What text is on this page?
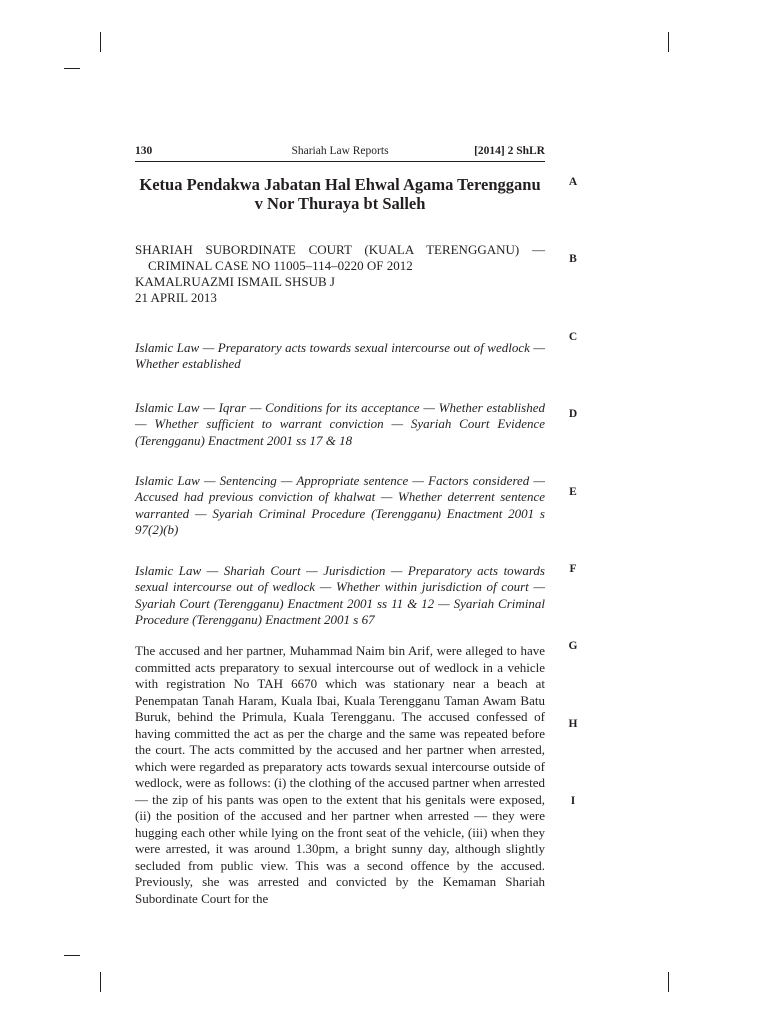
Shariah Law Reports
130	[2014] 2 ShLR
Ketua Pendakwa Jabatan Hal Ehwal Agama Terengganu v Nor Thuraya bt Salleh
SHARIAH SUBORDINATE COURT (KUALA TERENGGANU) —
CRIMINAL CASE NO 11005–114–0220 OF 2012
KAMALRUAZMI ISMAIL SHSUB J
21 APRIL 2013

Islamic Law — Preparatory acts towards sexual intercourse out of wedlock — Whether established

Islamic Law — Iqrar — Conditions for its acceptance — Whether established — Whether sufficient to warrant conviction — Syariah Court Evidence (Terengganu) Enactment 2001 ss 17 & 18

Islamic Law — Sentencing — Appropriate sentence — Factors considered — Accused had previous conviction of khalwat — Whether deterrent sentence warranted — Syariah Criminal Procedure (Terengganu) Enactment 2001 s 97(2)(b)

Islamic Law — Shariah Court — Jurisdiction — Preparatory acts towards sexual intercourse out of wedlock — Whether within jurisdiction of court — Syariah Court (Terengganu) Enactment 2001 ss 11 & 12 — Syariah Criminal Procedure (Terengganu) Enactment 2001 s 67

The accused and her partner, Muhammad Naim bin Arif, were alleged to have committed acts preparatory to sexual intercourse out of wedlock in a vehicle with registration No TAH 6670 which was stationary near a beach at Penempatan Tanah Haram, Kuala Ibai, Kuala Terengganu Taman Awam Batu Buruk, behind the Primula, Kuala Terengganu. The accused confessed of having committed the act as per the charge and the same was repeated before the court. The acts committed by the accused and her partner when arrested, which were regarded as preparatory acts towards sexual intercourse outside of wedlock, were as follows: (i) the clothing of the accused partner when arrested — the zip of his pants was open to the extent that his genitals were exposed, (ii) the position of the accused and her partner when arrested — they were hugging each other while lying on the front seat of the vehicle, (iii) when they were arrested, it was around 1.30pm, a bright sunny day, although slightly secluded from public view. This was a second offence by the accused. Previously, she was arrested and convicted by the Kemaman Shariah Subordinate Court for the

A
B
C
D
E
F
G
H
I
